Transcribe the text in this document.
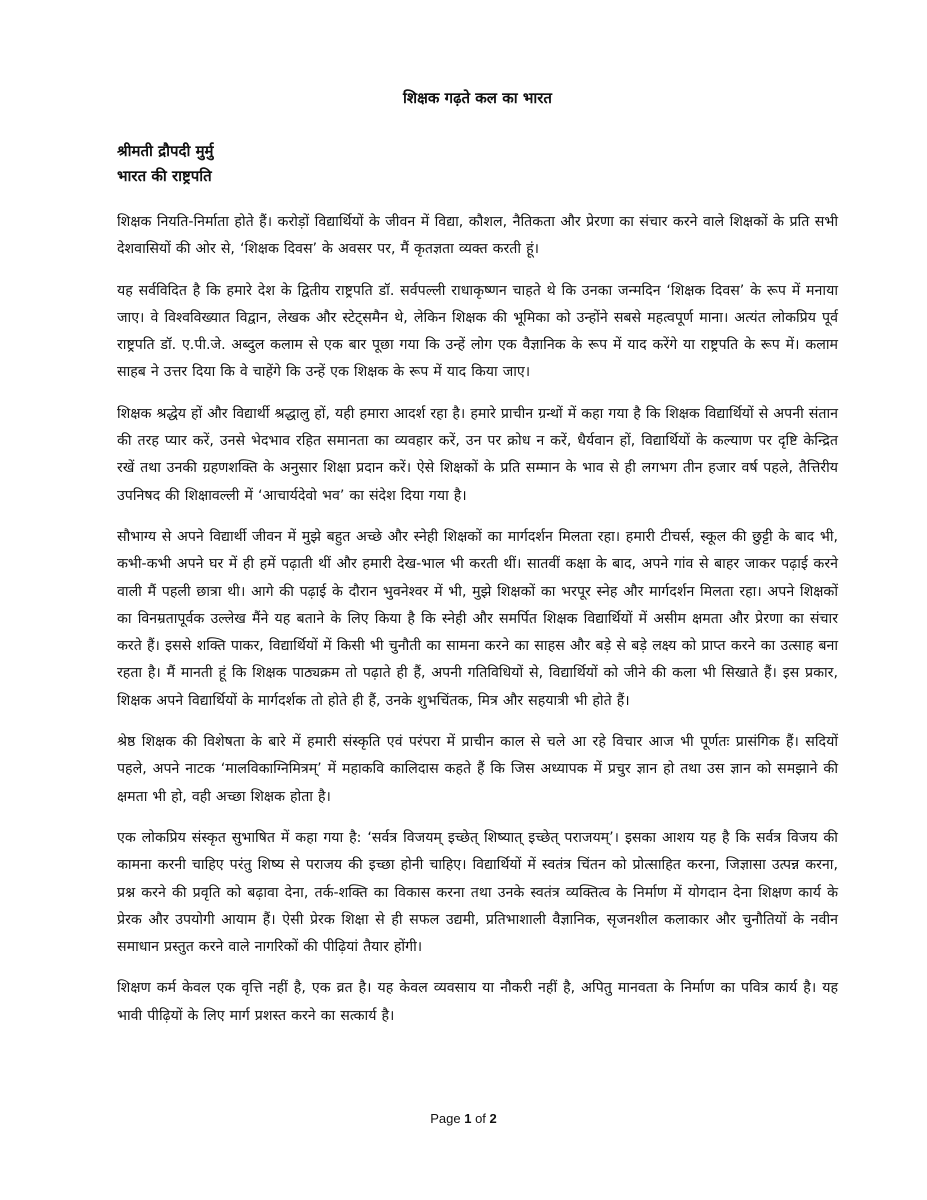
शिक्षक गढ़ते कल का भारत
श्रीमती द्रौपदी मुर्मु
भारत की राष्ट्रपति

शिक्षक नियति-निर्माता होते हैं। करोड़ों विद्यार्थियों के जीवन में विद्या, कौशल, नैतिकता और प्रेरणा का संचार करने वाले शिक्षकों के प्रति सभी देशवासियों की ओर से, ‘शिक्षक दिवस’ के अवसर पर, मैं कृतज्ञता व्यक्त करती हूं।

यह सर्वविदित है कि हमारे देश के द्वितीय राष्ट्रपति डॉ. सर्वपल्ली राधाकृष्णन चाहते थे कि उनका जन्मदिन ‘शिक्षक दिवस’ के रूप में मनाया जाए। वे विश्वविख्यात विद्वान, लेखक और स्टेट्समैन थे, लेकिन शिक्षक की भूमिका को उन्होंने सबसे महत्वपूर्ण माना। अत्यंत लोकप्रिय पूर्व राष्ट्रपति डॉ. ए.पी.जे. अब्दुल कलाम से एक बार पूछा गया कि उन्हें लोग एक वैज्ञानिक के रूप में याद करेंगे या राष्ट्रपति के रूप में। कलाम साहब ने उत्तर दिया कि वे चाहेंगे कि उन्हें एक शिक्षक के रूप में याद किया जाए।

शिक्षक श्रद्धेय हों और विद्यार्थी श्रद्धालु हों, यही हमारा आदर्श रहा है। हमारे प्राचीन ग्रन्थों में कहा गया है कि शिक्षक विद्यार्थियों से अपनी संतान की तरह प्यार करें, उनसे भेदभाव रहित समानता का व्यवहार करें, उन पर क्रोध न करें, धैर्यवान हों, विद्यार्थियों के कल्याण पर दृष्टि केन्द्रित रखें तथा उनकी ग्रहणशक्ति के अनुसार शिक्षा प्रदान करें। ऐसे शिक्षकों के प्रति सम्मान के भाव से ही लगभग तीन हजार वर्ष पहले, तैत्तिरीय उपनिषद की शिक्षावल्ली में ‘आचार्यदेवो भव’ का संदेश दिया गया है।

सौभाग्य से अपने विद्यार्थी जीवन में मुझे बहुत अच्छे और स्नेही शिक्षकों का मार्गदर्शन मिलता रहा। हमारी टीचर्स, स्कूल की छुट्टी के बाद भी, कभी-कभी अपने घर में ही हमें पढ़ाती थीं और हमारी देख-भाल भी करती थीं। सातवीं कक्षा के बाद, अपने गांव से बाहर जाकर पढ़ाई करने वाली मैं पहली छात्रा थी। आगे की पढ़ाई के दौरान भुवनेश्वर में भी, मुझे शिक्षकों का भरपूर स्नेह और मार्गदर्शन मिलता रहा। अपने शिक्षकों का विनम्रतापूर्वक उल्लेख मैंने यह बताने के लिए किया है कि स्नेही और समर्पित शिक्षक विद्यार्थियों में असीम क्षमता और प्रेरणा का संचार करते हैं। इससे शक्ति पाकर, विद्यार्थियों में किसी भी चुनौती का सामना करने का साहस और बड़े से बड़े लक्ष्य को प्राप्त करने का उत्साह बना रहता है। मैं मानती हूं कि शिक्षक पाठ्यक्रम तो पढ़ाते ही हैं, अपनी गतिविधियों से, विद्यार्थियों को जीने की कला भी सिखाते हैं। इस प्रकार, शिक्षक अपने विद्यार्थियों के मार्गदर्शक तो होते ही हैं, उनके शुभचिंतक, मित्र और सहयात्री भी होते हैं।

श्रेष्ठ शिक्षक की विशेषता के बारे में हमारी संस्कृति एवं परंपरा में प्राचीन काल से चले आ रहे विचार आज भी पूर्णतः प्रासंगिक हैं। सदियों पहले, अपने नाटक ‘मालविकाग्निमित्रम्’ में महाकवि कालिदास कहते हैं कि जिस अध्यापक में प्रचुर ज्ञान हो तथा उस ज्ञान को समझाने की क्षमता भी हो, वही अच्छा शिक्षक होता है।

एक लोकप्रिय संस्कृत सुभाषित में कहा गया है: ‘सर्वत्र विजयम् इच्छेत् शिष्यात् इच्छेत् पराजयम्’। इसका आशय यह है कि सर्वत्र विजय की कामना करनी चाहिए परंतु शिष्य से पराजय की इच्छा होनी चाहिए। विद्यार्थियों में स्वतंत्र चिंतन को प्रोत्साहित करना, जिज्ञासा उत्पन्न करना, प्रश्न करने की प्रवृति को बढ़ावा देना, तर्क-शक्ति का विकास करना तथा उनके स्वतंत्र व्यक्तित्व के निर्माण में योगदान देना शिक्षण कार्य के प्रेरक और उपयोगी आयाम हैं। ऐसी प्रेरक शिक्षा से ही सफल उद्यमी, प्रतिभाशाली वैज्ञानिक, सृजनशील कलाकार और चुनौतियों के नवीन समाधान प्रस्तुत करने वाले नागरिकों की पीढ़ियां तैयार होंगी।

शिक्षण कर्म केवल एक वृत्ति नहीं है, एक व्रत है। यह केवल व्यवसाय या नौकरी नहीं है, अपितु मानवता के निर्माण का पवित्र कार्य है। यह भावी पीढ़ियों के लिए मार्ग प्रशस्त करने का सत्कार्य है।

Page 1 of 2
